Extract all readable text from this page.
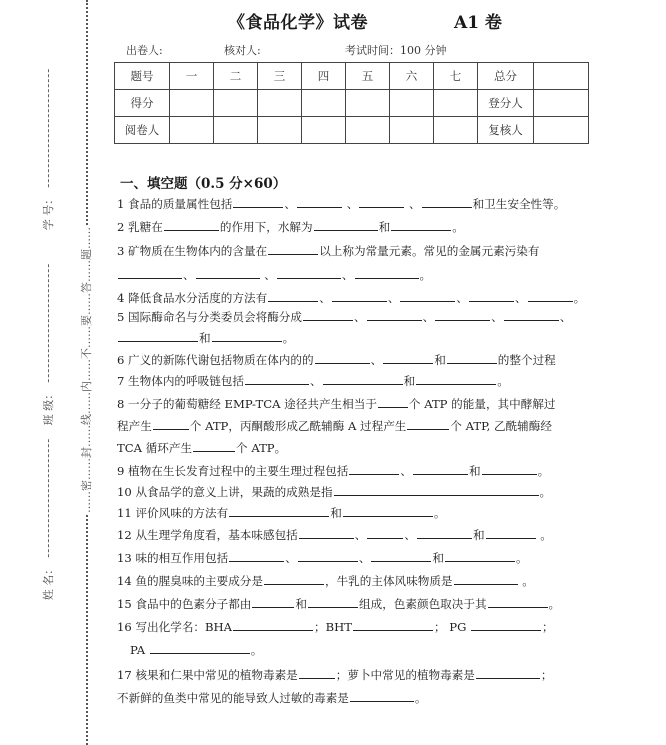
……密……封……线……内……不……要……答……题……
姓 名：
班 级：
学 号：
《食品化学》试卷	A1 卷
出卷人:	核对人:	考试时间：100 分钟
题号	一	二	三	四	五	六	七	总分	
得分								登分人	
阅卷人								复核人	
一、填空题（0.5 分×60）
1 食品的质量属性包括	、	、	、	和卫生安全性等。
2 乳糖在	的作用下，水解为	和	。
3 矿物质在生物体内的含量在	以上称为常量元素。常见的金属元素污染有
、	、	、	。
4 降低食品水分活度的方法有	、	、	、	、	。
5 国际酶命名与分类委员会将酶分成	、	、	、	、
和	。
6 广义的新陈代谢包括物质在体内的的	、	和	的整个过程
7 生物体内的呼吸链包括	、	和	。
8 一分子的葡萄糖经 EMP-TCA 途径共产生相当于	个 ATP 的能量，其中酵解过
程产生	个 ATP，丙酮酸形成乙酰辅酶 A 过程产生	个 ATP, 乙酰辅酶经
TCA 循环产生	个 ATP。
9 植物在生长发育过程中的主要生理过程包括	、	和	。
10 从食品学的意义上讲，果蔬的成熟是指	。
11 评价风味的方法有	和	。
12 从生理学角度看，基本味感包括	、	、	和	。
13 味的相互作用包括	、	、	和	。
14 鱼的腥臭味的主要成分是	，牛乳的主体风味物质是	。
15 食品中的色素分子都由	和	组成，色素颜色取决于其	。
16 写出化学名：BHA	；BHT	； PG	；
PA	。
17 核果和仁果中常见的植物毒素是	；萝卜中常见的植物毒素是	；
不新鲜的鱼类中常见的能导致人过敏的毒素是	。
